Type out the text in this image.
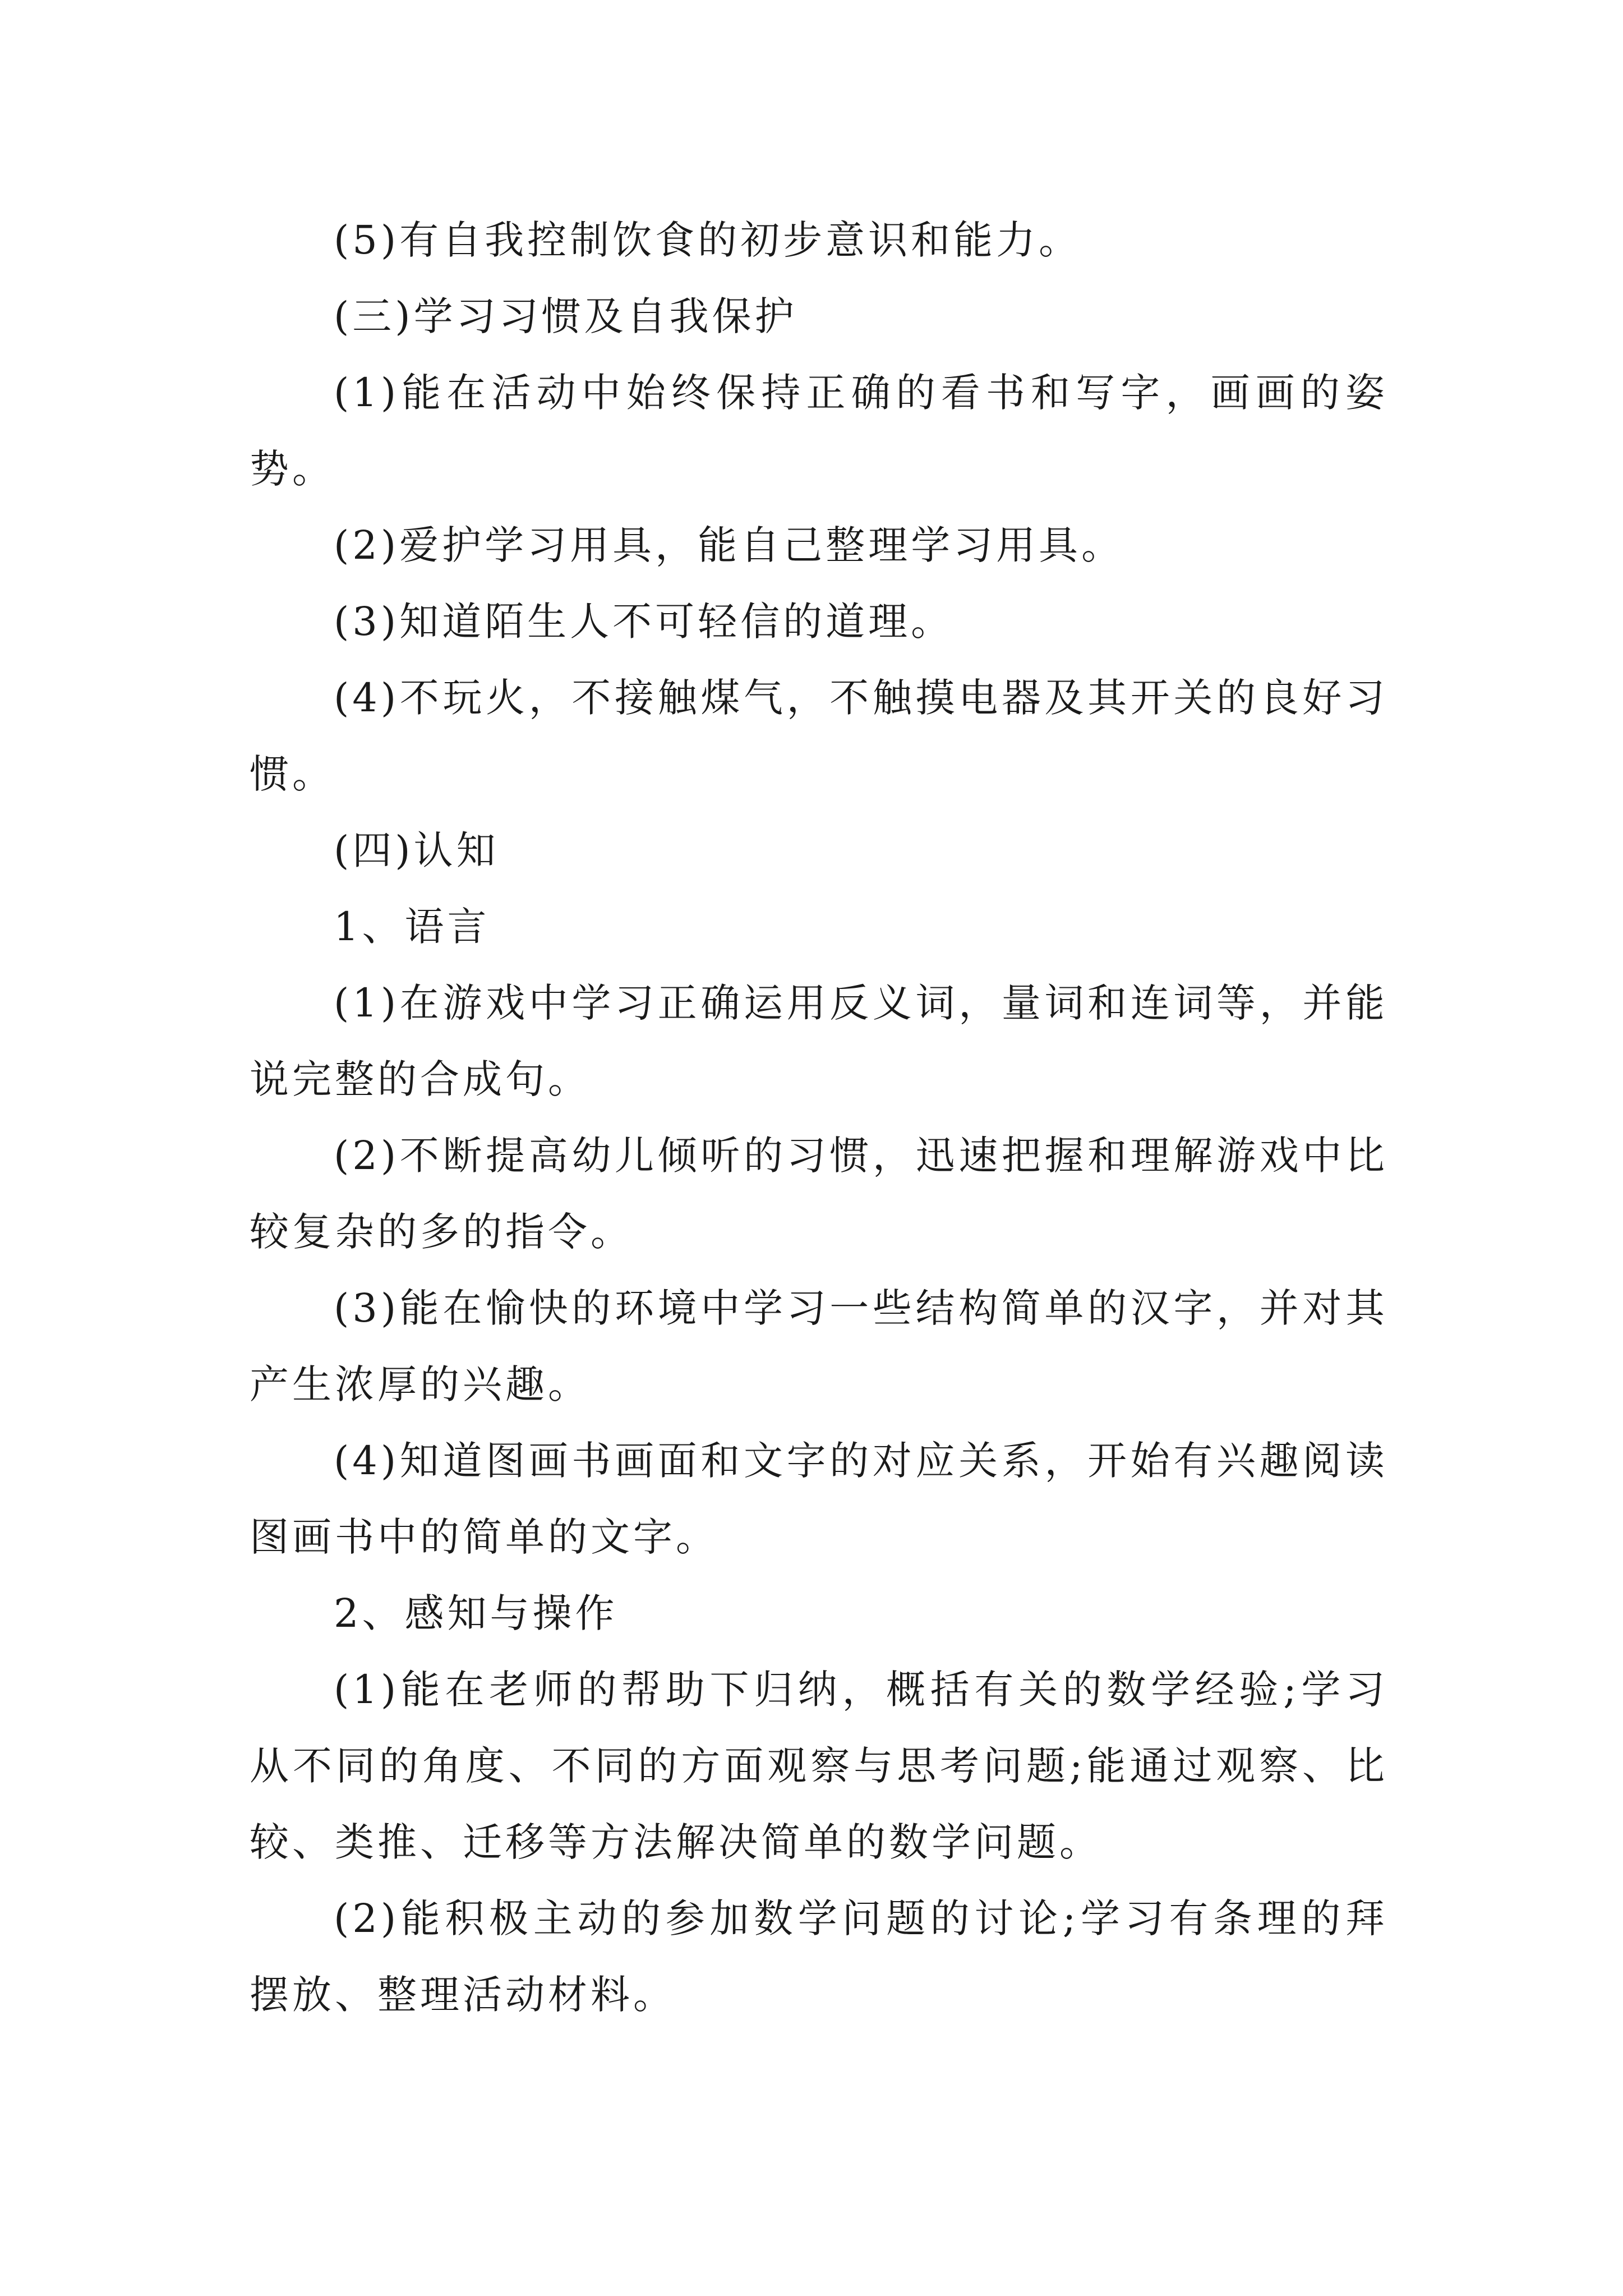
(5)有自我控制饮食的初步意识和能力。

(三)学习习惯及自我保护

(1)能在活动中始终保持正确的看书和写字，画画的姿势。

(2)爱护学习用具，能自己整理学习用具。

(3)知道陌生人不可轻信的道理。

(4)不玩火，不接触煤气，不触摸电器及其开关的良好习惯。

(四)认知

1、语言

(1)在游戏中学习正确运用反义词，量词和连词等，并能说完整的合成句。

(2)不断提高幼儿倾听的习惯，迅速把握和理解游戏中比较复杂的多的指令。

(3)能在愉快的环境中学习一些结构简单的汉字，并对其产生浓厚的兴趣。

(4)知道图画书画面和文字的对应关系，开始有兴趣阅读图画书中的简单的文字。

2、感知与操作

(1)能在老师的帮助下归纳，概括有关的数学经验;学习从不同的角度、不同的方面观察与思考问题;能通过观察、比较、类推、迁移等方法解决简单的数学问题。

(2)能积极主动的参加数学问题的讨论;学习有条理的拜摆放、整理活动材料。
